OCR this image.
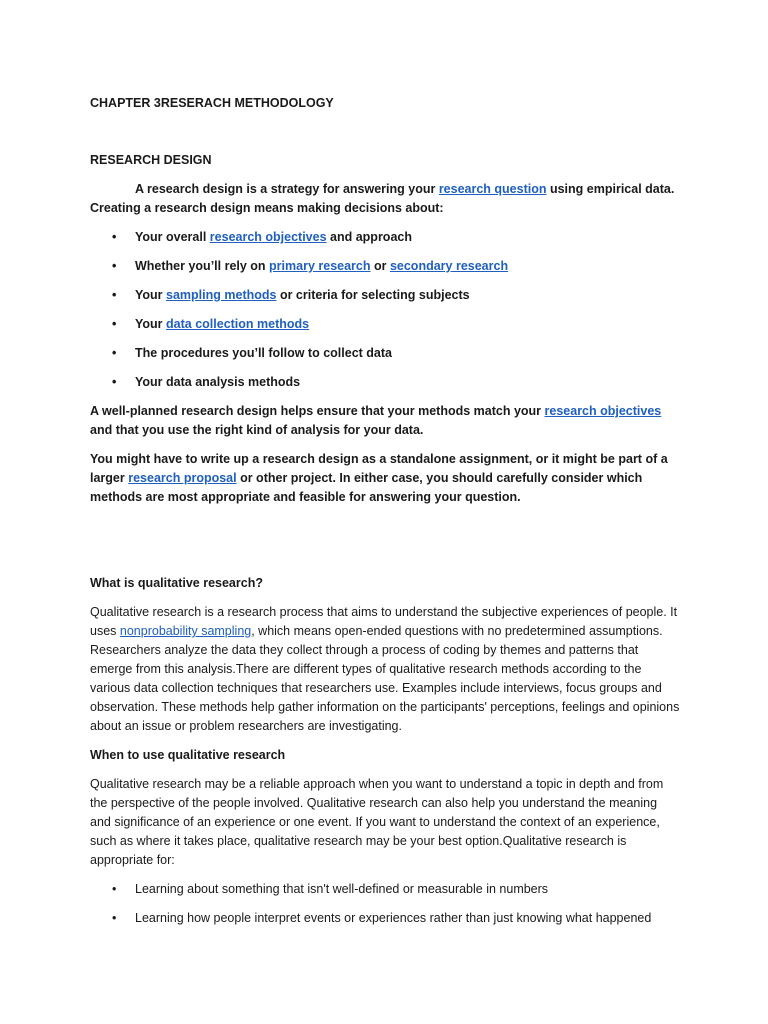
CHAPTER 3RESERACH METHODOLOGY

RESEARCH DESIGN

A research design is a strategy for answering your research question using empirical data. Creating a research design means making decisions about:

• Your overall research objectives and approach
• Whether you’ll rely on primary research or secondary research
• Your sampling methods or criteria for selecting subjects
• Your data collection methods
• The procedures you’ll follow to collect data
• Your data analysis methods

A well-planned research design helps ensure that your methods match your research objectives and that you use the right kind of analysis for your data.

You might have to write up a research design as a standalone assignment, or it might be part of a larger research proposal or other project. In either case, you should carefully consider which methods are most appropriate and feasible for answering your question.

What is qualitative research?

Qualitative research is a research process that aims to understand the subjective experiences of people. It uses nonprobability sampling, which means open-ended questions with no predetermined assumptions. Researchers analyze the data they collect through a process of coding by themes and patterns that emerge from this analysis.There are different types of qualitative research methods according to the various data collection techniques that researchers use. Examples include interviews, focus groups and observation. These methods help gather information on the participants' perceptions, feelings and opinions about an issue or problem researchers are investigating.

When to use qualitative research

Qualitative research may be a reliable approach when you want to understand a topic in depth and from the perspective of the people involved. Qualitative research can also help you understand the meaning and significance of an experience or one event. If you want to understand the context of an experience, such as where it takes place, qualitative research may be your best option.Qualitative research is appropriate for:

• Learning about something that isn't well-defined or measurable in numbers
• Learning how people interpret events or experiences rather than just knowing what happened
